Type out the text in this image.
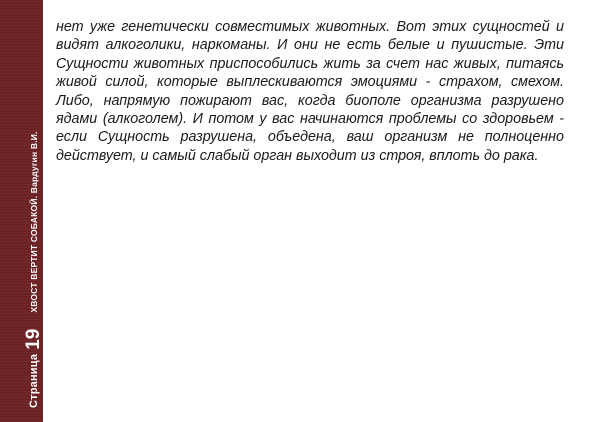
Страница
19
ХВОСТ ВЕРТИТ СОБАКОЙ. Вардугин В.И.

нет уже генетически совместимых животных. Вот этих сущностей и видят алкоголики, наркоманы. И они не есть белые и пушистые. Эти Сущности животных приспособились жить за счет нас живых, питаясь живой силой, которые выплескиваются эмоциями - страхом, смехом. Либо, напрямую пожирают вас, когда биополе организма разрушено ядами (алкоголем). И потом у вас начинаются проблемы со здоровьем - если Сущность разрушена, объедена, ваш организм не полноценно действует, и самый слабый орган выходит из строя, вплоть до рака.
